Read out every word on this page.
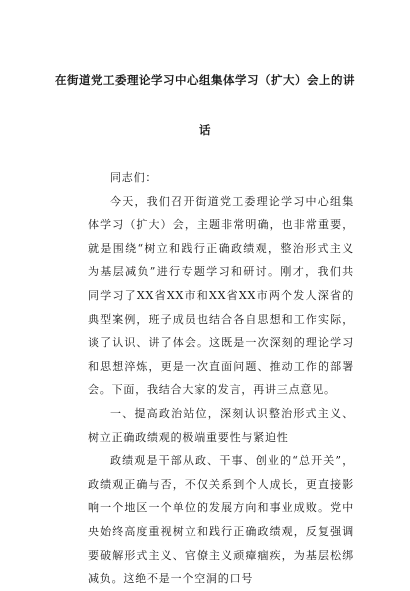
在街道党工委理论学习中心组集体学习（扩大）会上的讲
话

同志们：

今天，我们召开街道党工委理论学习中心组集体学习（扩大）会，主题非常明确，也非常重要，就是围绕“树立和践行正确政绩观，整治形式主义为基层减负”进行专题学习和研讨。刚才，我们共同学习了XX省XX市和XX省XX市两个发人深省的典型案例，班子成员也结合各自思想和工作实际，谈了认识、讲了体会。这既是一次深刻的理论学习和思想淬炼，更是一次直面问题、推动工作的部署会。下面，我结合大家的发言，再讲三点意见。

一、提高政治站位，深刻认识整治形式主义、树立正确政绩观的极端重要性与紧迫性

政绩观是干部从政、干事、创业的“总开关”，政绩观正确与否，不仅关系到个人成长，更直接影响一个地区一个单位的发展方向和事业成败。党中央始终高度重视树立和践行正确政绩观，反复强调要破解形式主义、官僚主义顽瘴痼疾，为基层松绑减负。这绝不是一个空洞的口号
